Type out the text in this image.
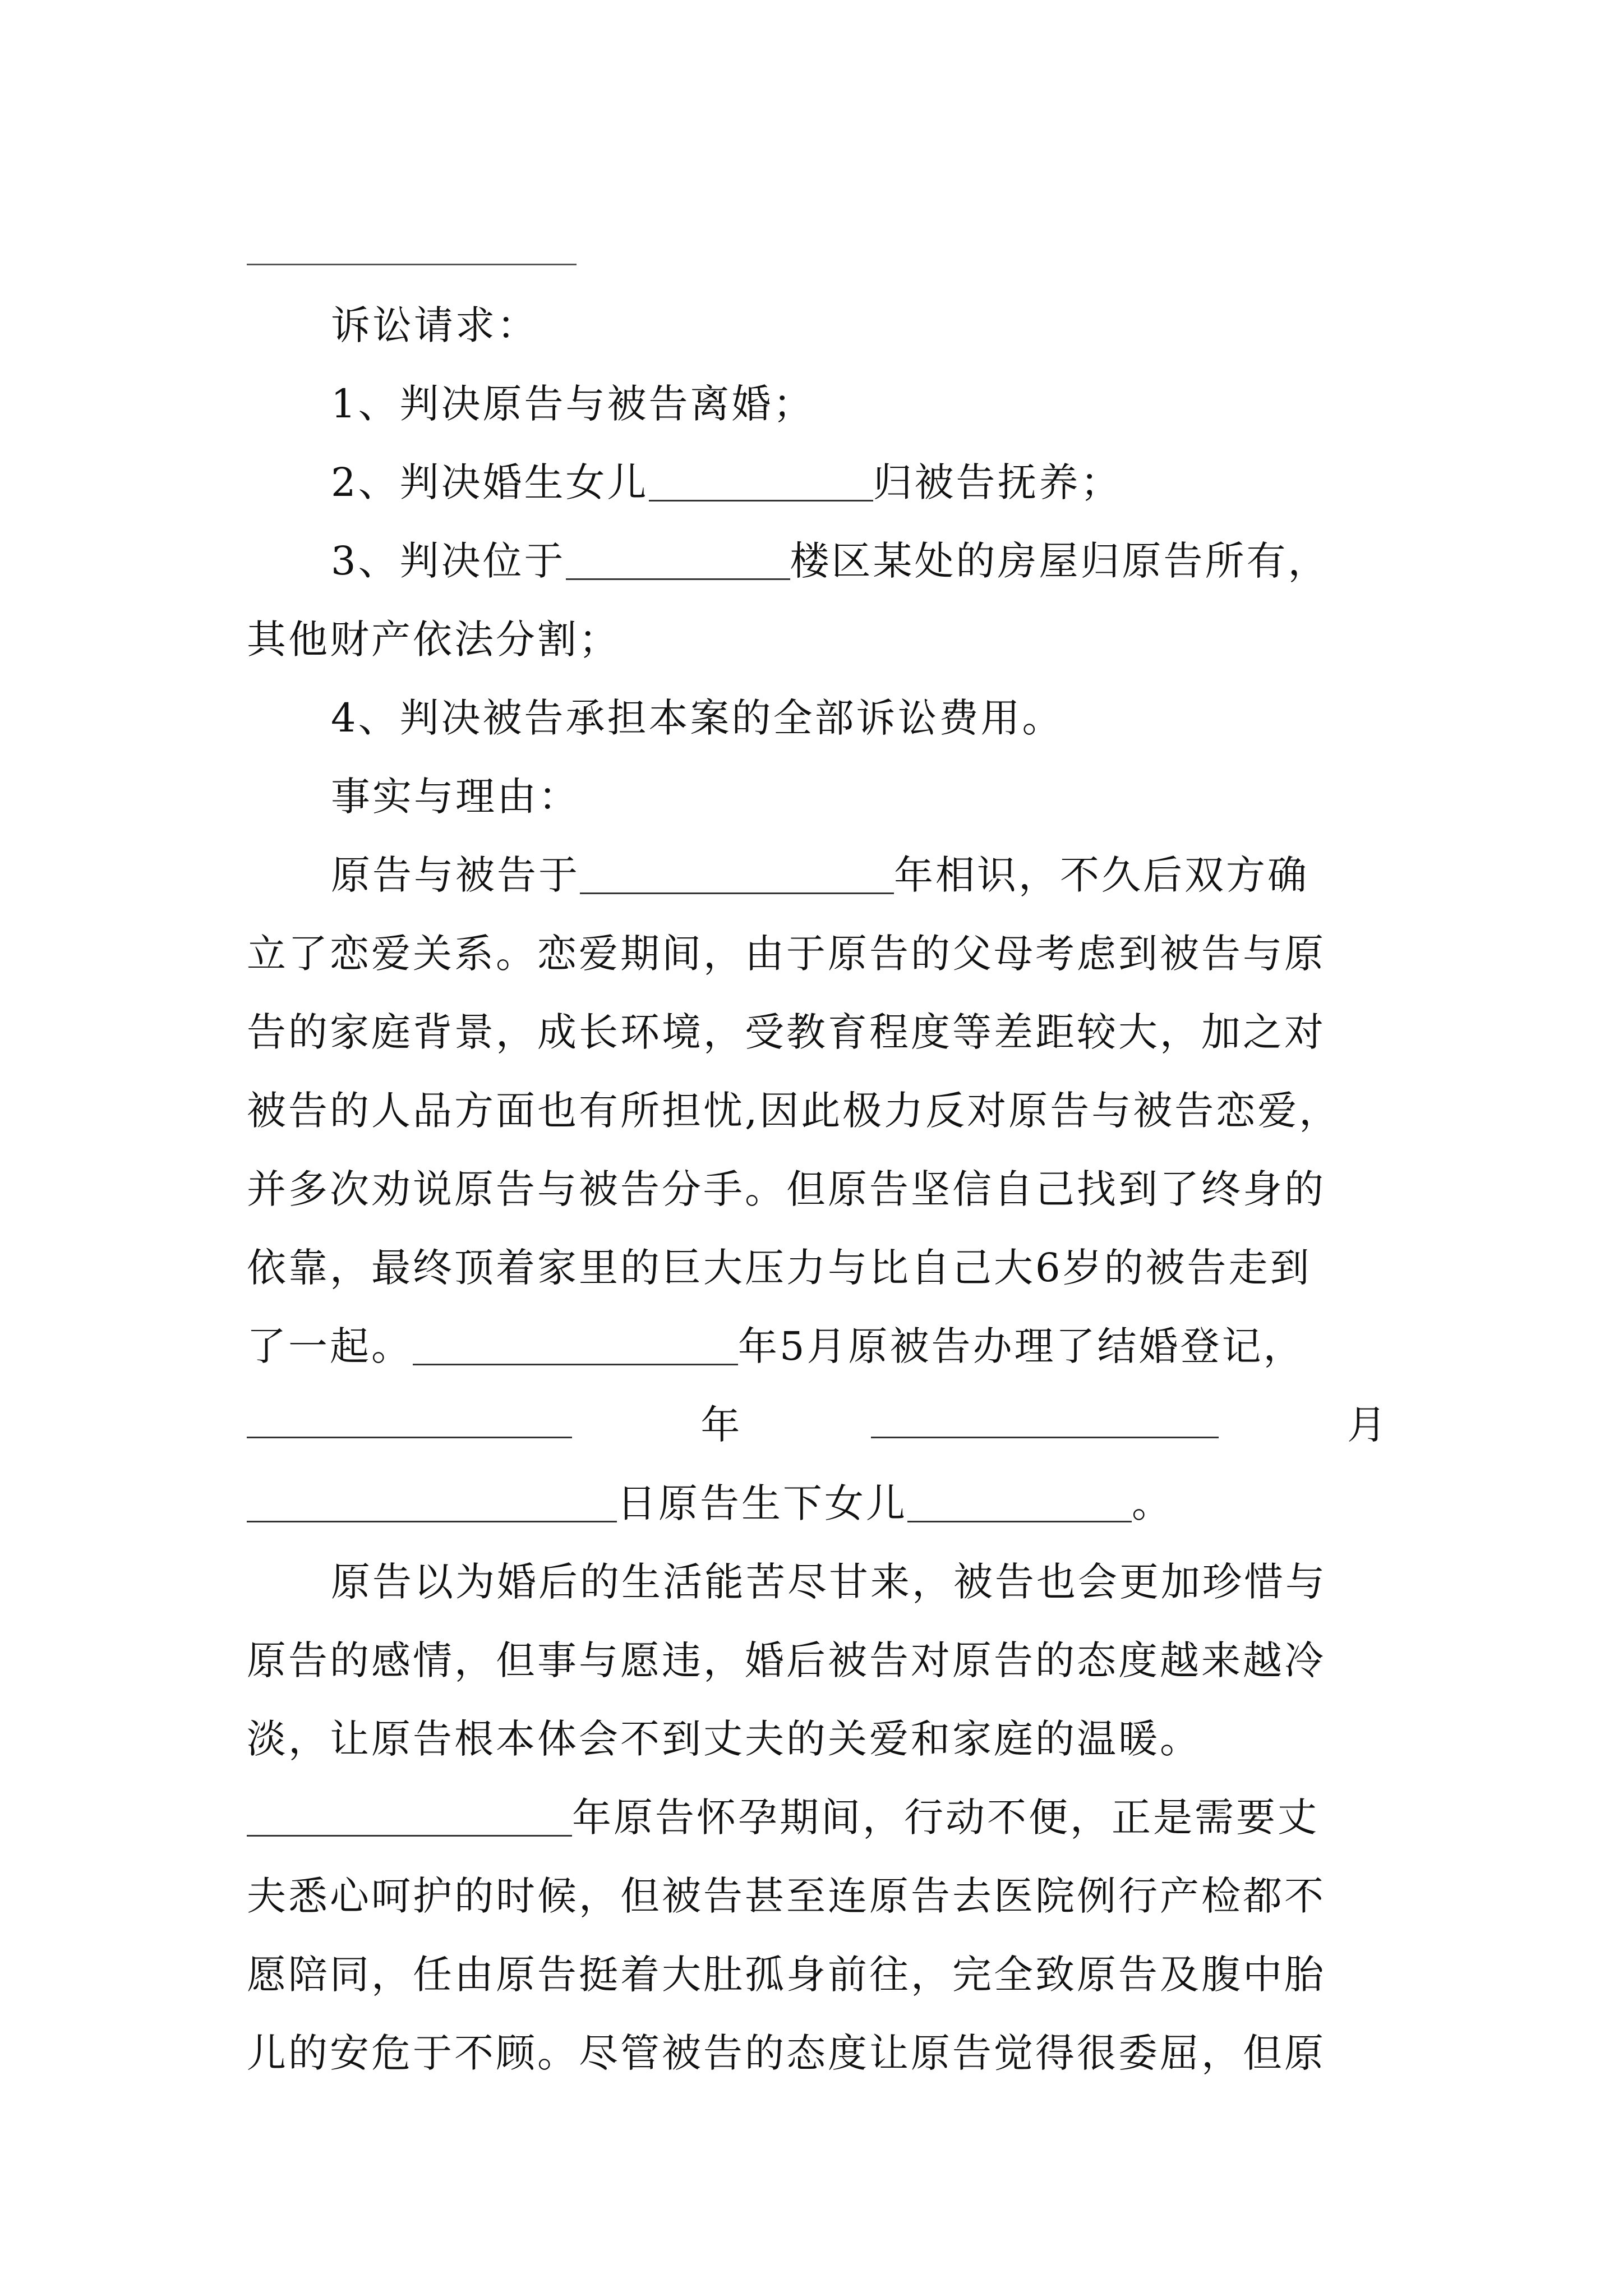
诉讼请求：
1、判决原告与被告离婚；
2、判决婚生女儿	归被告抚养；
3、判决位于	楼区某处的房屋归原告所有，
其他财产依法分割；
4、判决被告承担本案的全部诉讼费用。
事实与理由：
原告与被告于	年相识，不久后双方确
立了恋爱关系。恋爱期间，由于原告的父母考虑到被告与原
告的家庭背景，成长环境，受教育程度等差距较大，加之对
被告的人品方面也有所担忧,因此极力反对原告与被告恋爱，
并多次劝说原告与被告分手。但原告坚信自己找到了终身的
依靠，最终顶着家里的巨大压力与比自己大6岁的被告走到
了一起。	年5月原被告办理了结婚登记，
年	月
日原告生下女儿	。
原告以为婚后的生活能苦尽甘来，被告也会更加珍惜与
原告的感情，但事与愿违，婚后被告对原告的态度越来越冷
淡，让原告根本体会不到丈夫的关爱和家庭的温暖。
年原告怀孕期间，行动不便，正是需要丈
夫悉心呵护的时候，但被告甚至连原告去医院例行产检都不
愿陪同，任由原告挺着大肚孤身前往，完全致原告及腹中胎
儿的安危于不顾。尽管被告的态度让原告觉得很委屈，但原
